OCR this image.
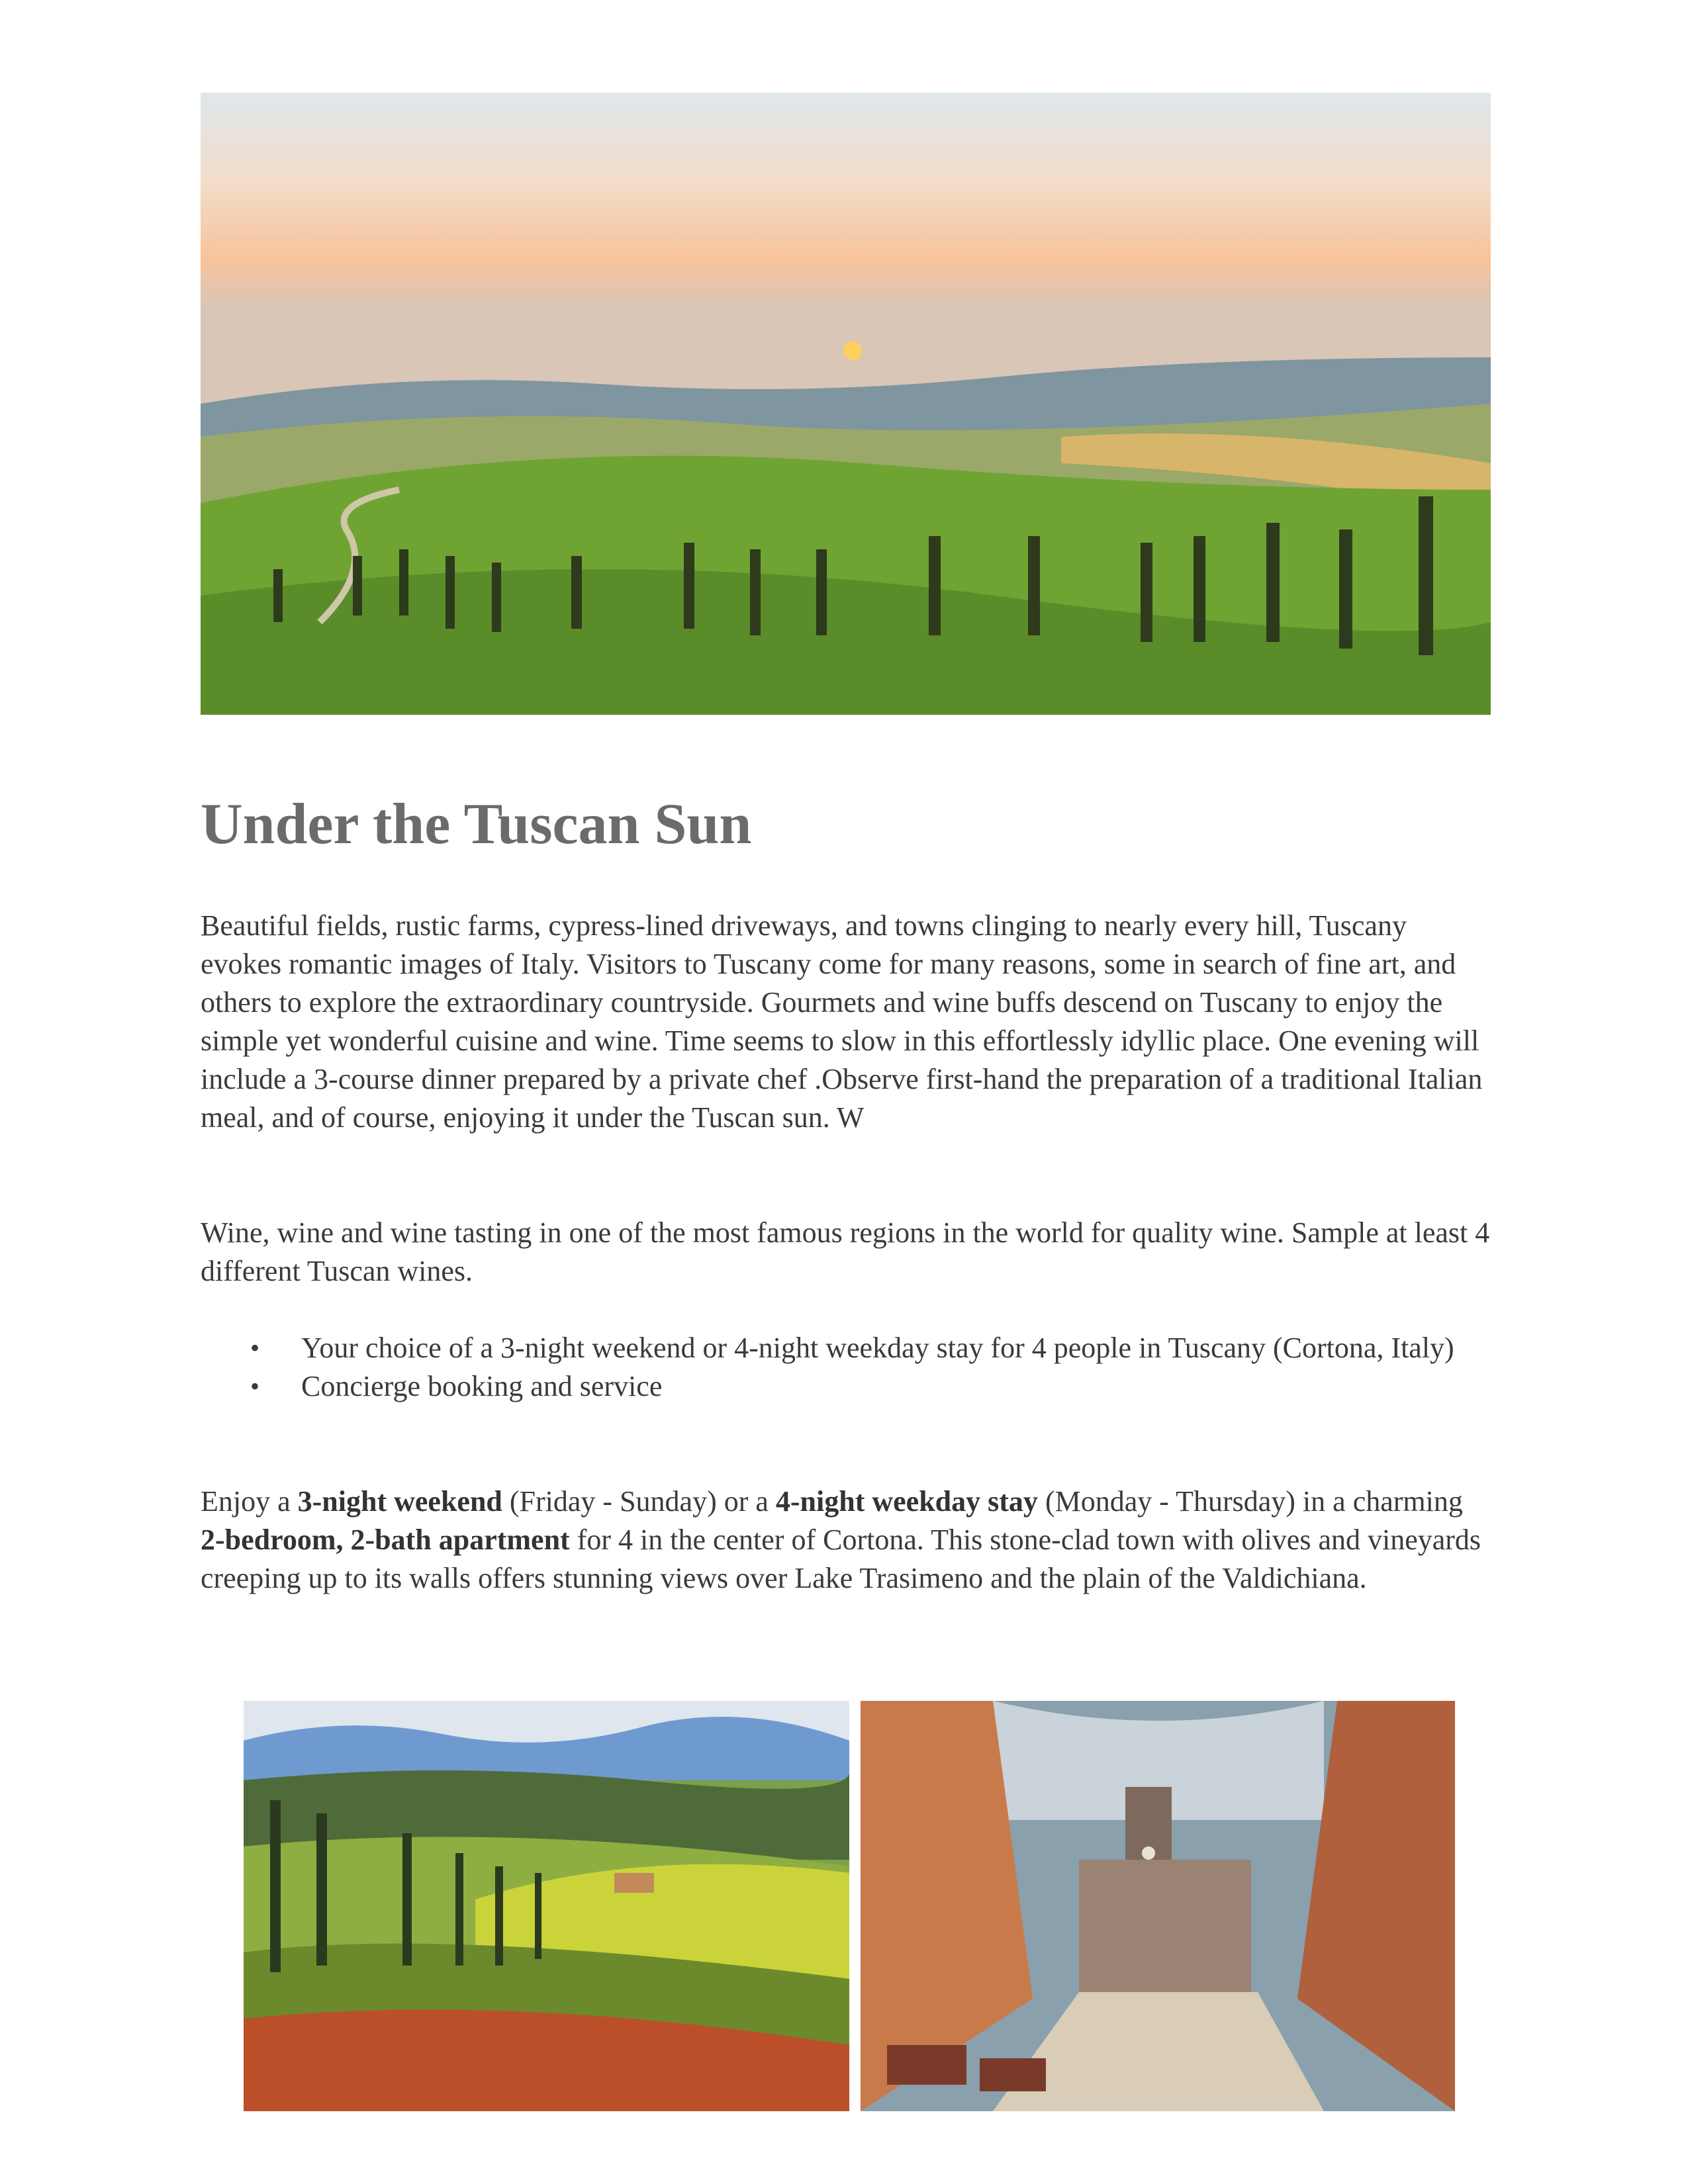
Under the Tuscan Sun

Beautiful fields, rustic farms, cypress-lined driveways, and towns clinging to nearly every hill, Tuscany evokes romantic images of Italy. Visitors to Tuscany come for many reasons, some in search of fine art, and others to explore the extraordinary countryside. Gourmets and wine buffs descend on Tuscany to enjoy the simple yet wonderful cuisine and wine. Time seems to slow in this effortlessly idyllic place. One evening will include a 3-course dinner prepared by a private chef .Observe first-hand the preparation of a traditional Italian meal, and of course, enjoying it under the Tuscan sun. W

Wine, wine and wine tasting in one of the most famous regions in the world for quality wine. Sample at least 4 different Tuscan wines.

• Your choice of a 3-night weekend or 4-night weekday stay for 4 people in Tuscany (Cortona, Italy)
• Concierge booking and service

Enjoy a 3-night weekend (Friday - Sunday) or a 4-night weekday stay (Monday - Thursday) in a charming 2-bedroom, 2-bath apartment for 4 in the center of Cortona. This stone-clad town with olives and vineyards creeping up to its walls offers stunning views over Lake Trasimeno and the plain of the Valdichiana.
